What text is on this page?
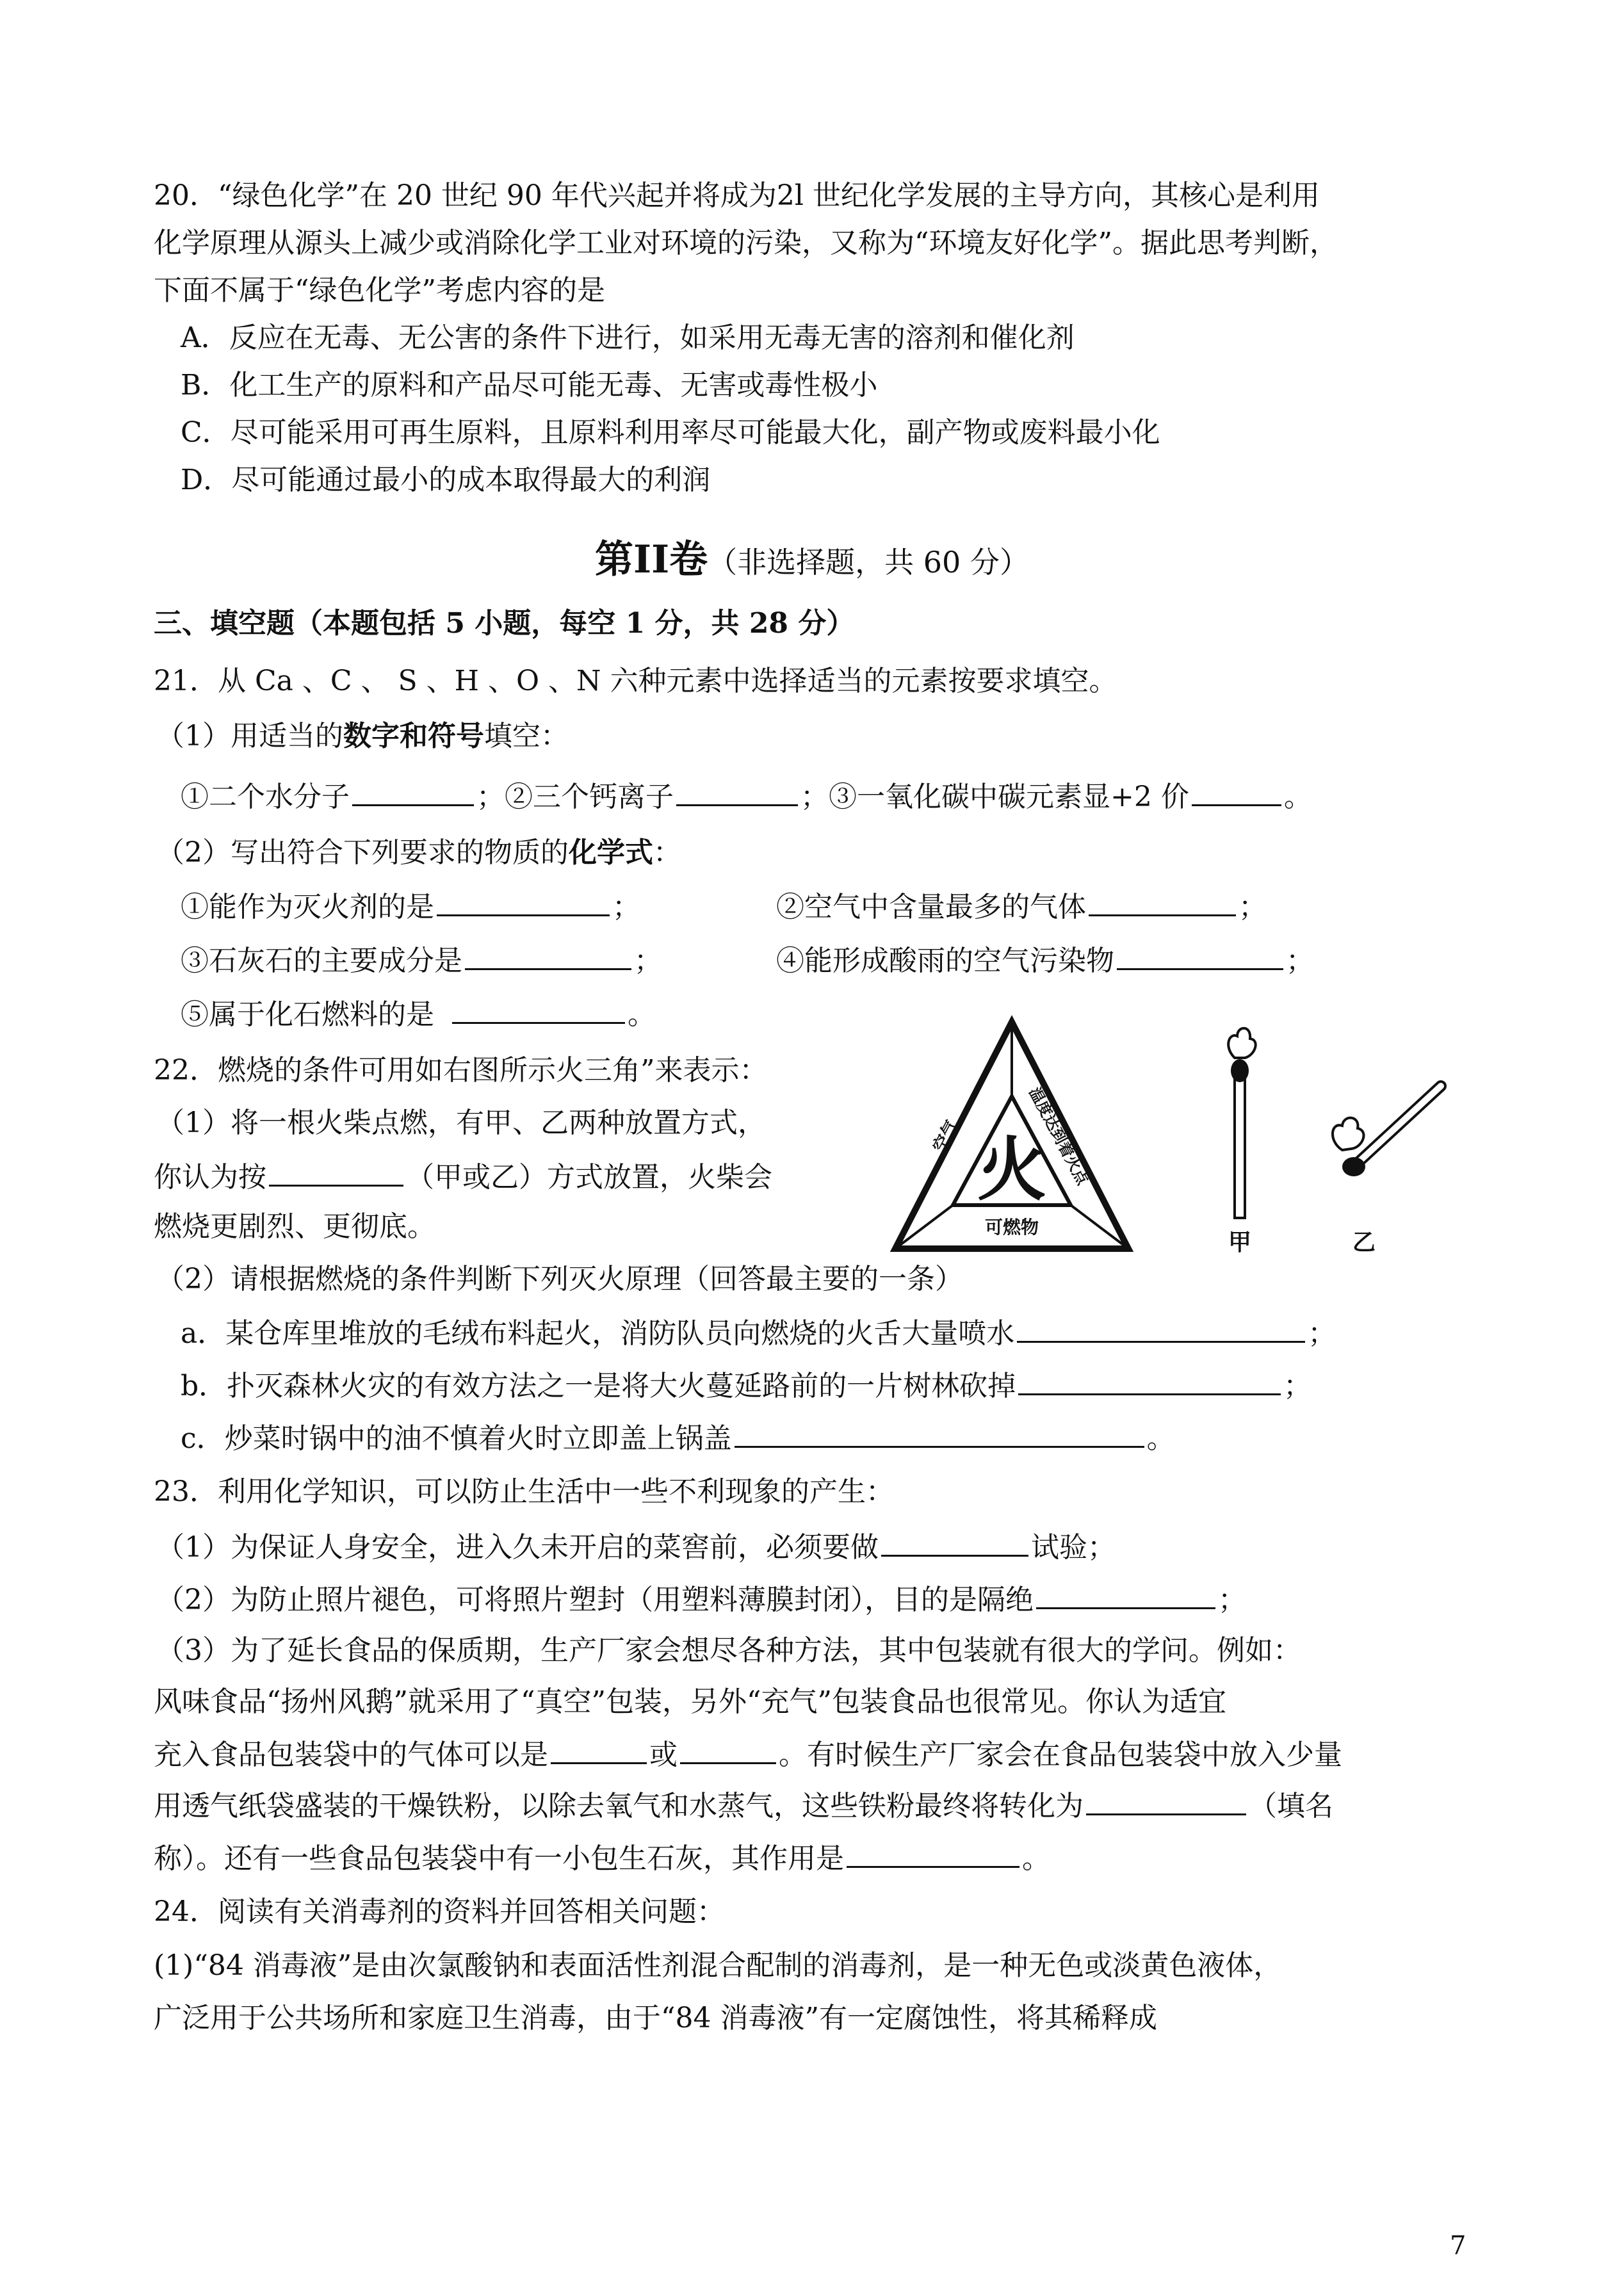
20．“绿色化学”在 20 世纪 90 年代兴起并将成为2l 世纪化学发展的主导方向，其核心是利用
化学原理从源头上减少或消除化学工业对环境的污染，又称为“环境友好化学”。据此思考判断，
下面不属于“绿色化学”考虑内容的是
A．反应在无毒、无公害的条件下进行，如采用无毒无害的溶剂和催化剂
B．化工生产的原料和产品尽可能无毒、无害或毒性极小
C．尽可能采用可再生原料，且原料利用率尽可能最大化，副产物或废料最小化
D．尽可能通过最小的成本取得最大的利润
第II卷（非选择题，共 60 分）
三、填空题（本题包括 5 小题，每空 1 分，共 28 分）
21．从 Ca 、C 、 S 、H 、O 、N 六种元素中选择适当的元素按要求填空。
（1）用适当的数字和符号填空：
①二个水分子	；②三个钙离子	；③一氧化碳中碳元素显+2 价	。
（2）写出符合下列要求的物质的化学式：
①能作为灭火剂的是	；	②空气中含量最多的气体	；
③石灰石的主要成分是	；	④能形成酸雨的空气污染物	；
⑤属于化石燃料的是	。
22．燃烧的条件可用如右图所示火三角”来表示：
（1）将一根火柴点燃，有甲、乙两种放置方式，
你认为按	（甲或乙）方式放置，火柴会
燃烧更剧烈、更彻底。
空气	温度达到着火点
可燃物
火
甲	乙
（2）请根据燃烧的条件判断下列灭火原理（回答最主要的一条）
a．某仓库里堆放的毛绒布料起火，消防队员向燃烧的火舌大量喷水	；
b．扑灭森林火灾的有效方法之一是将大火蔓延路前的一片树林砍掉	；
c．炒菜时锅中的油不慎着火时立即盖上锅盖	。
23．利用化学知识，可以防止生活中一些不利现象的产生：
（1）为保证人身安全，进入久未开启的菜窖前，必须要做	试验；
（2）为防止照片褪色，可将照片塑封（用塑料薄膜封闭），目的是隔绝	；
（3）为了延长食品的保质期，生产厂家会想尽各种方法，其中包装就有很大的学问。例如：
风味食品“扬州风鹅”就采用了“真空”包装，另外“充气”包装食品也很常见。你认为适宜
充入食品包装袋中的气体可以是	或	。有时候生产厂家会在食品包装袋中放入少量
用透气纸袋盛装的干燥铁粉，以除去氧气和水蒸气，这些铁粉最终将转化为	（填名
称）。还有一些食品包装袋中有一小包生石灰，其作用是	。
24．阅读有关消毒剂的资料并回答相关问题：
(1)“84 消毒液”是由次氯酸钠和表面活性剂混合配制的消毒剂，是一种无色或淡黄色液体，
广泛用于公共场所和家庭卫生消毒，由于“84 消毒液”有一定腐蚀性，将其稀释成
7
